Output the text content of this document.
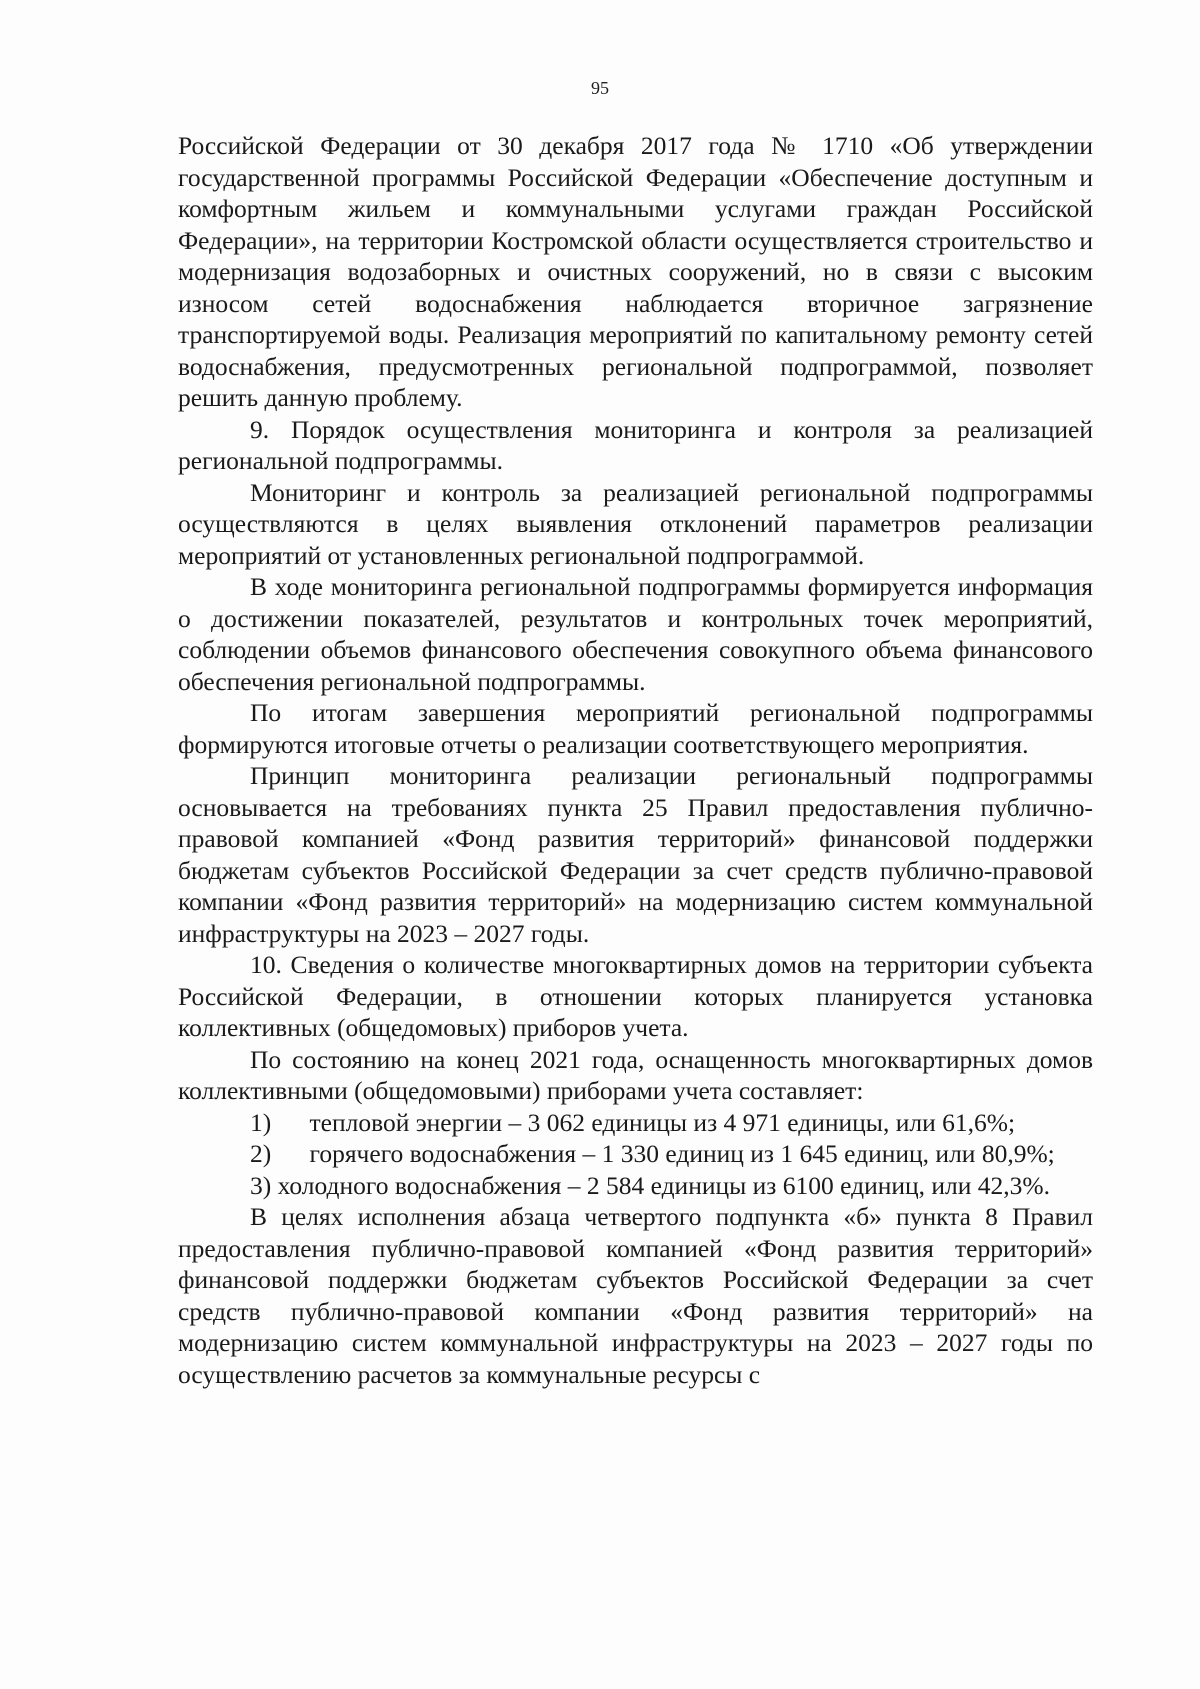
95

Российской Федерации от 30 декабря 2017 года № 1710 «Об утверждении государственной программы Российской Федерации «Обеспечение доступным и комфортным жильем и коммунальными услугами граждан Российской Федерации», на территории Костромской области осуществляется строительство и модернизация водозаборных и очистных сооружений, но в связи с высоким износом сетей водоснабжения наблюдается вторичное загрязнение транспортируемой воды. Реализация мероприятий по капитальному ремонту сетей водоснабжения, предусмотренных региональной подпрограммой, позволяет решить данную проблему.

9. Порядок осуществления мониторинга и контроля за реализацией региональной подпрограммы.

Мониторинг и контроль за реализацией региональной подпрограммы осуществляются в целях выявления отклонений параметров реализации мероприятий от установленных региональной подпрограммой.

В ходе мониторинга региональной подпрограммы формируется информация о достижении показателей, результатов и контрольных точек мероприятий, соблюдении объемов финансового обеспечения совокупного объема финансового обеспечения региональной подпрограммы.

По итогам завершения мероприятий региональной подпрограммы формируются итоговые отчеты о реализации соответствующего мероприятия.

Принцип мониторинга реализации региональный подпрограммы основывается на требованиях пункта 25 Правил предоставления публично-правовой компанией «Фонд развития территорий» финансовой поддержки бюджетам субъектов Российской Федерации за счет средств публично-правовой компании «Фонд развития территорий» на модернизацию систем коммунальной инфраструктуры на 2023 – 2027 годы.

10. Сведения о количестве многоквартирных домов на территории субъекта Российской Федерации, в отношении которых планируется установка коллективных (общедомовых) приборов учета.

По состоянию на конец 2021 года, оснащенность многоквартирных домов коллективными (общедомовыми) приборами учета составляет:

1)      тепловой энергии – 3 062 единицы из 4 971 единицы, или 61,6%;

2)      горячего водоснабжения – 1 330 единиц из 1 645 единиц, или 80,9%;

3) холодного водоснабжения – 2 584 единицы из 6100 единиц, или 42,3%.

В целях исполнения абзаца четвертого подпункта «б» пункта 8 Правил предоставления публично-правовой компанией «Фонд развития территорий» финансовой поддержки бюджетам субъектов Российской Федерации за счет средств публично-правовой компании «Фонд развития территорий» на модернизацию систем коммунальной инфраструктуры на 2023 – 2027 годы по осуществлению расчетов за коммунальные ресурсы с
